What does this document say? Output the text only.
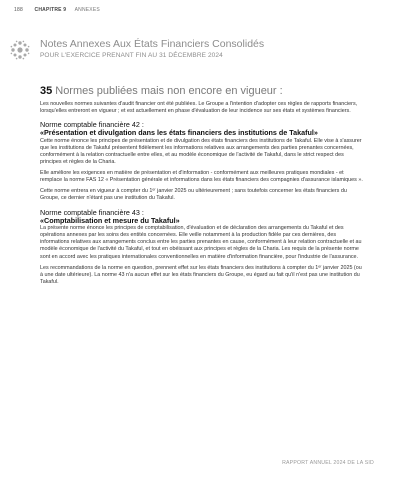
188 CHAPITRE 9 ANNEXES
Notes Annexes Aux États Financiers Consolidés
POUR L'EXERCICE PRENANT FIN AU 31 DÉCEMBRE 2024
35 Normes publiées mais non encore en vigueur :

Les nouvelles normes suivantes d'audit financier ont été publiées. Le Groupe a l'intention d'adopter ces règles de rapports financiers, lorsqu'elles entreront en vigueur ; et est actuellement en phase d'évaluation de leur incidence sur ses états et systèmes financiers.

Norme comptable financière 42 :
«Présentation et divulgation dans les états financiers des institutions de Takaful»

Cette norme énonce les principes de présentation et de divulgation des états financiers des institutions de Takaful. Elle vise à s'assurer que les institutions de Takaful présentent fidèlement les informations relatives aux arrangements des parties prenantes concernées, conformément à la relation contractuelle entre elles, et au modèle économique de l'activité de Takaful, dans le strict respect des principes et règles de la Charia.

Elle améliore les exigences en matière de présentation et d'information - conformément aux meilleures pratiques mondiales - et remplace la norme FAS 12 « Présentation générale et informations dans les états financiers des compagnies d'assurance islamiques ».

Cette norme entrera en vigueur à compter du 1ᵉʳ janvier 2025 ou ultérieurement ; sans toutefois concerner les états financiers du Groupe, ce dernier n'étant pas une institution du Takaful.

Norme comptable financière 43 :
«Comptabilisation et mesure du Takaful»

La présente norme énonce les principes de comptabilisation, d'évaluation et de déclaration des arrangements du Takaful et des opérations annexes par les soins des entités concernées. Elle veille notamment à la production fidèle par ces dernières, des informations relatives aux arrangements conclus entre les parties prenantes en cause, conformément à leur relation contractuelle et au modèle économique de l'activité du Takaful, et tout en obéissant aux principes et règles de la Charia. Les requis de la présente norme sont en accord avec les pratiques internationales conventionnelles en matière d'information financière, pour l'industrie de l'assurance.

Les recommandations de la norme en question, prennent effet sur les états financiers des institutions à compter du 1ᵉʳ janvier 2025 (ou à une date ultérieure). La norme 43 n'a aucun effet sur les états financiers du Groupe, eu égard au fait qu'il n'est pas une institution du Takaful.

RAPPORT ANNUEL 2024 DE LA SID
